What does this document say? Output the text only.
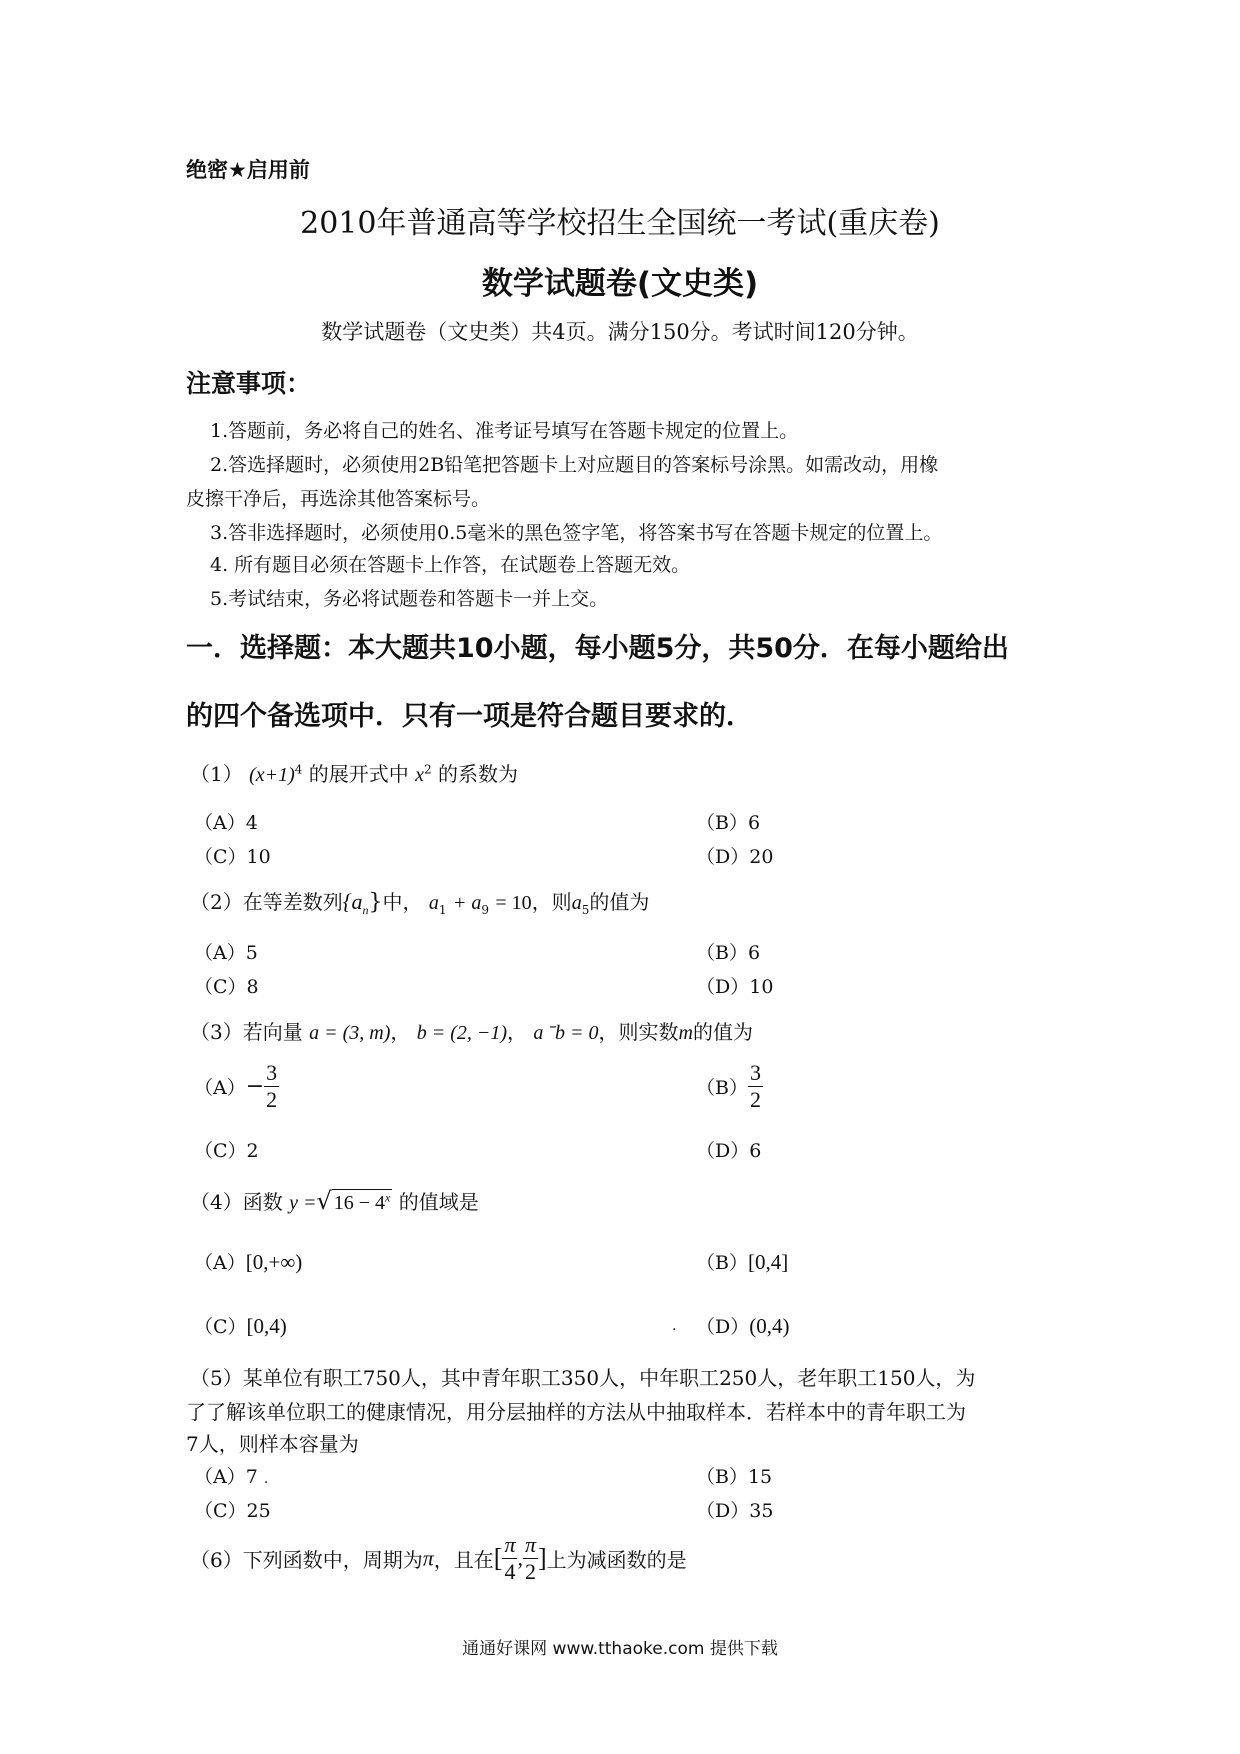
绝密★启用前
2010年普通高等学校招生全国统一考试(重庆卷)
数学试题卷(文史类)
数学试题卷（文史类）共4页。满分150分。考试时间120分钟。
注意事项：
1.答题前，务必将自己的姓名、准考证号填写在答题卡规定的位置上。
2.答选择题时，必须使用2B铅笔把答题卡上对应题目的答案标号涂黑。如需改动，用橡
皮擦干净后，再选涂其他答案标号。
3.答非选择题时，必须使用0.5毫米的黑色签字笔，将答案书写在答题卡规定的位置上。
4. 所有题目必须在答题卡上作答，在试题卷上答题无效。
5.考试结束，务必将试题卷和答题卡一并上交。
一．选择题：本大题共10小题，每小题5分，共50分．在每小题给出
的四个备选项中．只有一项是符合题目要求的．
（1） $(x+1)^4$ 的展开式中 $x^2$ 的系数为
（A）4	（B）6
（C）10	（D）20
（2）在等差数列$\{a_n\}$中， $a_1 + a_9 = 10$，则$a_5$的值为
（A）5	（B）6
（C）8	（D）10
（3）若向量 a = (3, m)， b = (2, −1)， a ˉb = 0，则实数m的值为
$(A)- \frac{3}{2}$	$(B) \frac{3}{2}$
（C）2	（D）6
（4）函数 y =√ $16 - 4^x$ 的值域是
（A）[0,+∞)	（B）[0,4]
（C）[0,4)	. （D）(0,4)
（5）某单位有职工750人，其中青年职工350人，中年职工250人，老年职工150人，为
了了解该单位职工的健康情况，用分层抽样的方法从中抽取样本．若样本中的青年职工为
7人，则样本容量为
（A）7 .	（B）15
（C）25	（D）35
（6）下列函数中，周期为π，且在[ $\frac{\pi}{4}$ , $\frac{\pi}{2}$ ]上为减函数的是
通通好课网 www.tthaoke.com 提供下载
